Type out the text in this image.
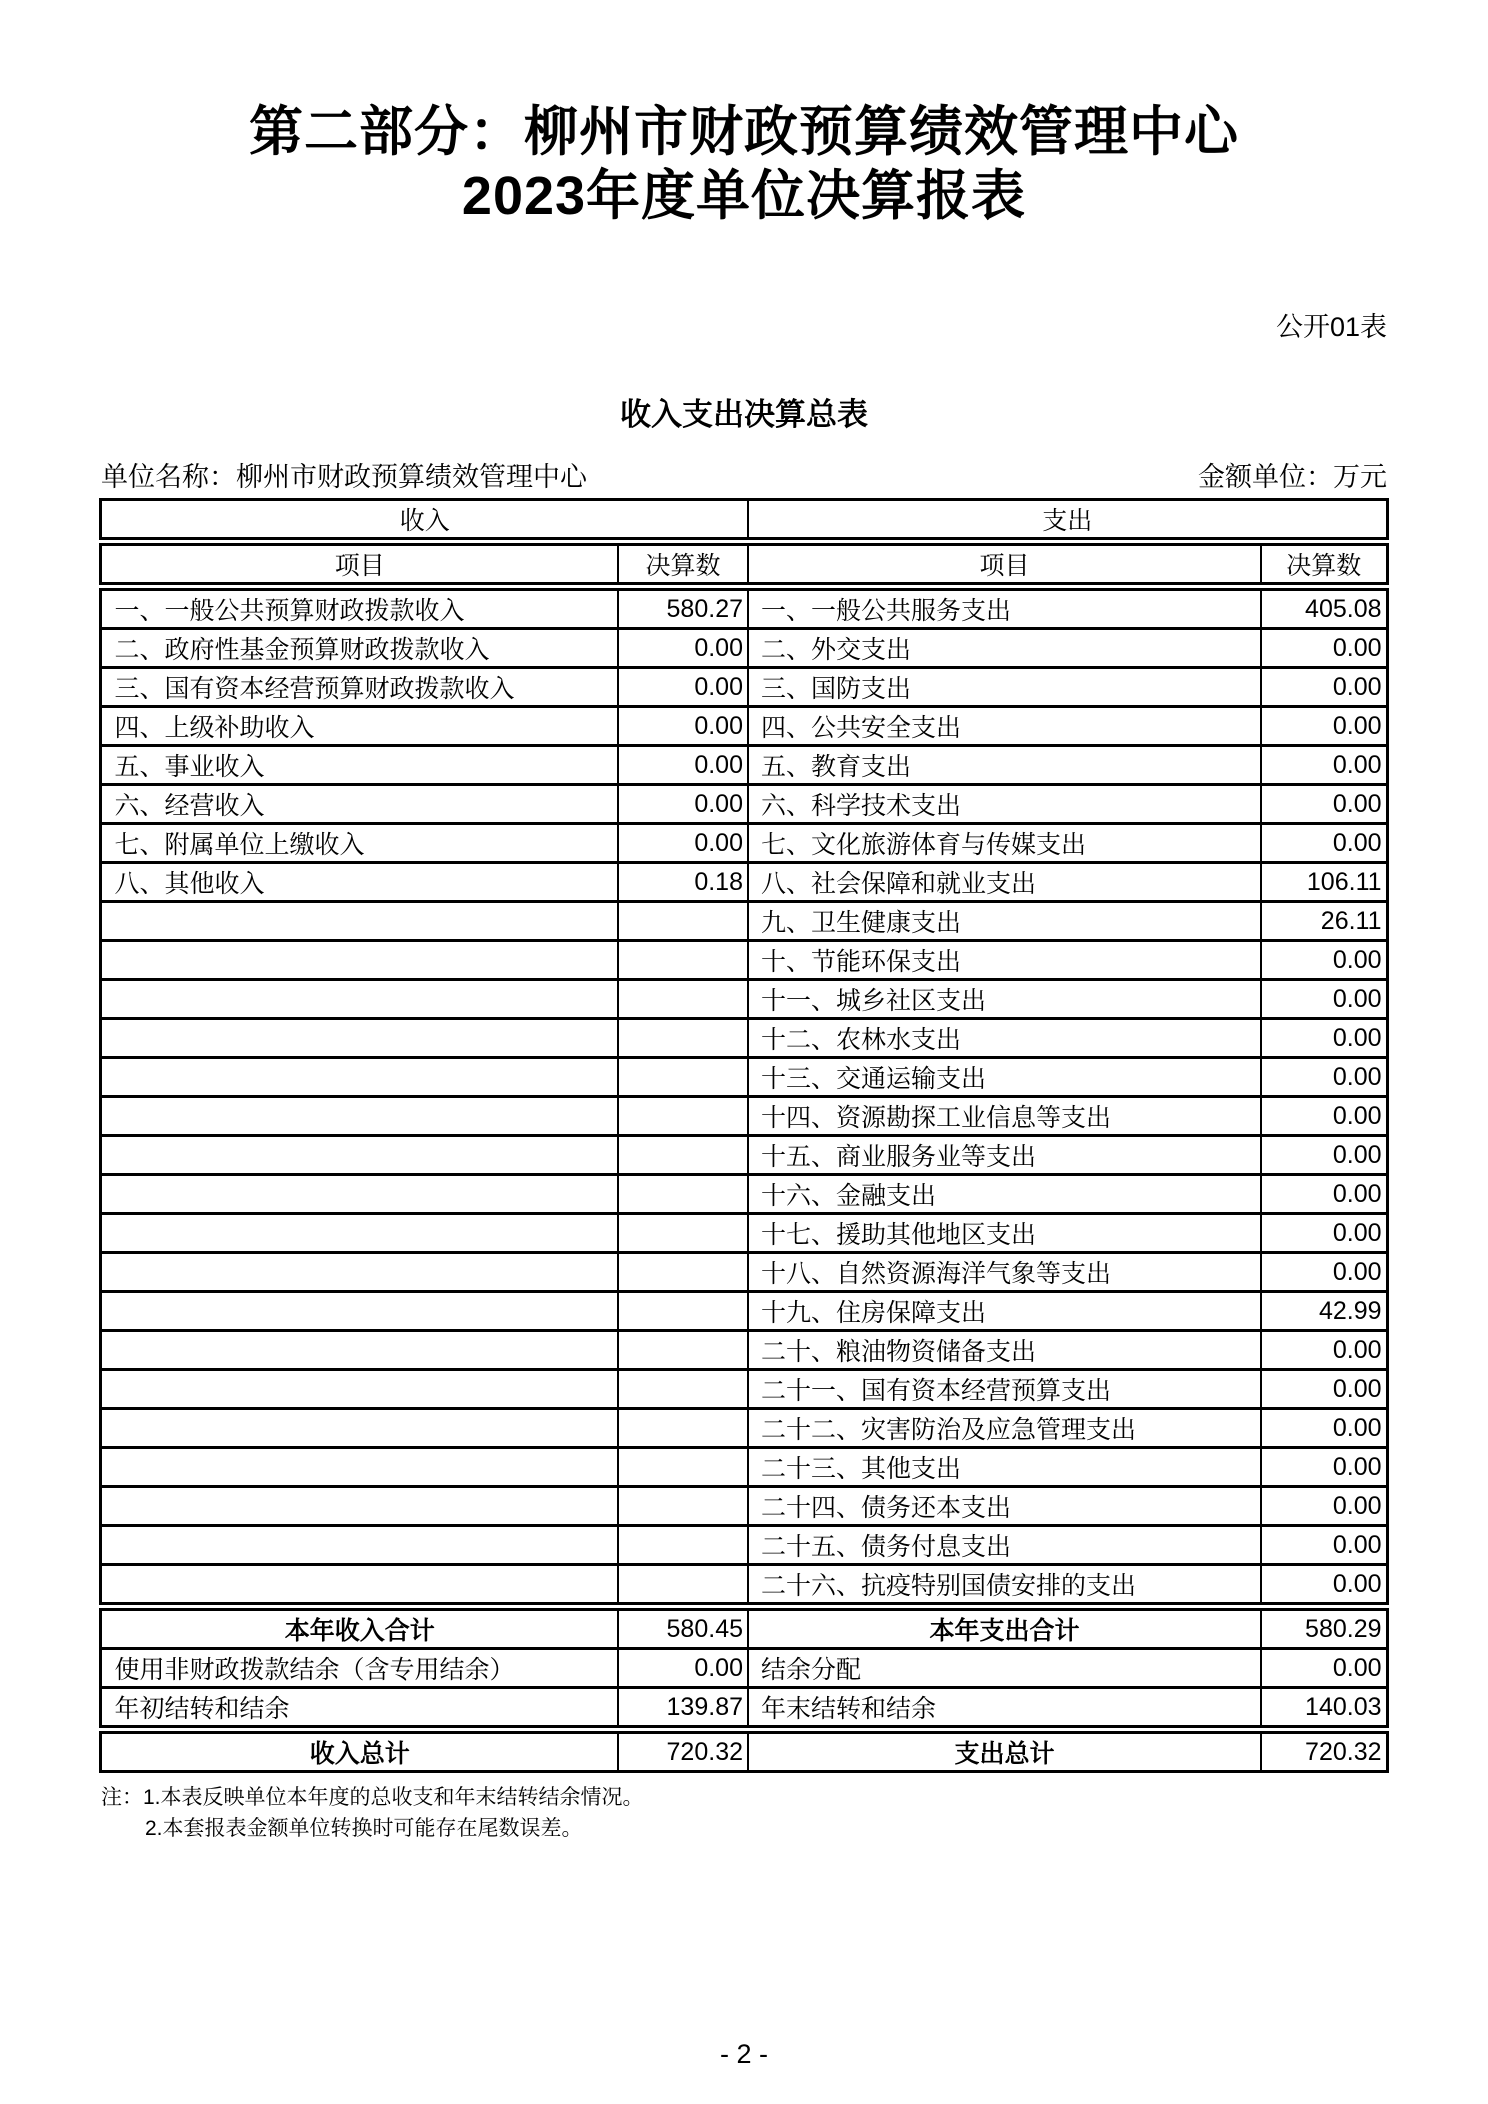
第二部分：柳州市财政预算绩效管理中心
2023年度单位决算报表
公开01表
收入支出决算总表
单位名称：柳州市财政预算绩效管理中心	金额单位：万元
收入		支出	
项目	决算数	项目	决算数
一、一般公共预算财政拨款收入	580.27	一、一般公共服务支出	405.08
二、政府性基金预算财政拨款收入	0.00	二、外交支出	0.00
三、国有资本经营预算财政拨款收入	0.00	三、国防支出	0.00
四、上级补助收入	0.00	四、公共安全支出	0.00
五、事业收入	0.00	五、教育支出	0.00
六、经营收入	0.00	六、科学技术支出	0.00
七、附属单位上缴收入	0.00	七、文化旅游体育与传媒支出	0.00
八、其他收入	0.18	八、社会保障和就业支出	106.11
		九、卫生健康支出	26.11
		十、节能环保支出	0.00
		十一、城乡社区支出	0.00
		十二、农林水支出	0.00
		十三、交通运输支出	0.00
		十四、资源勘探工业信息等支出	0.00
		十五、商业服务业等支出	0.00
		十六、金融支出	0.00
		十七、援助其他地区支出	0.00
		十八、自然资源海洋气象等支出	0.00
		十九、住房保障支出	42.99
		二十、粮油物资储备支出	0.00
		二十一、国有资本经营预算支出	0.00
		二十二、灾害防治及应急管理支出	0.00
		二十三、其他支出	0.00
		二十四、债务还本支出	0.00
		二十五、债务付息支出	0.00
		二十六、抗疫特别国债安排的支出	0.00
本年收入合计	580.45	本年支出合计	580.29
使用非财政拨款结余（含专用结余）	0.00	结余分配	0.00
年初结转和结余	139.87	年末结转和结余	140.03
收入总计	720.32	支出总计	720.32
注：1.本表反映单位本年度的总收支和年末结转结余情况。
2.本套报表金额单位转换时可能存在尾数误差。
- 2 -
